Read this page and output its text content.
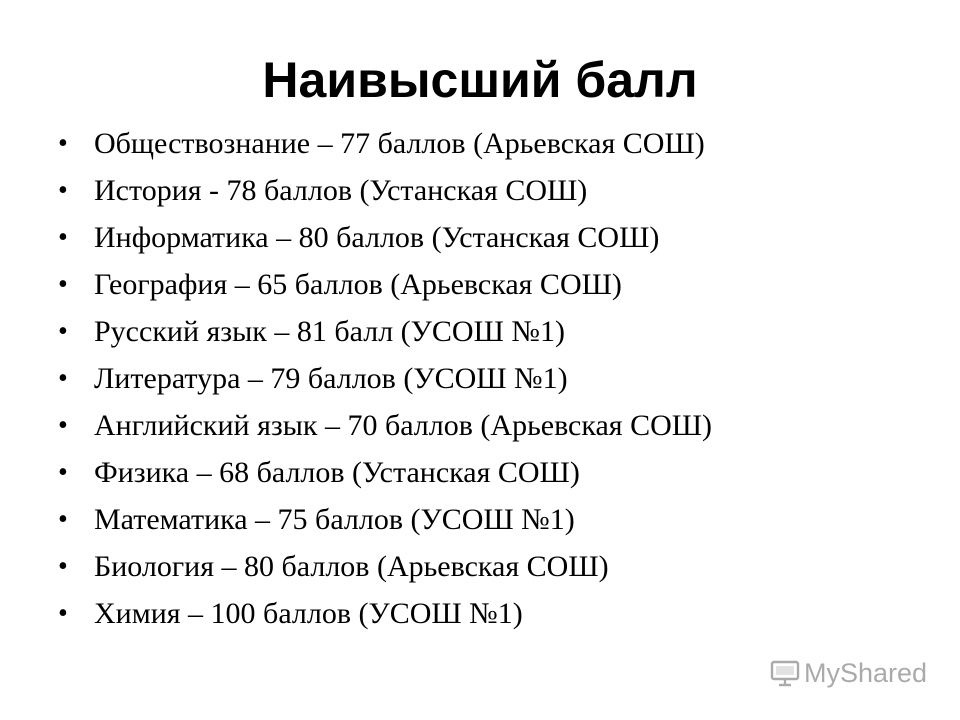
Наивысший балл
• Обществознание – 77 баллов (Арьевская СОШ)
• История - 78 баллов (Устанская СОШ)
• Информатика – 80 баллов (Устанская СОШ)
• География – 65 баллов (Арьевская СОШ)
• Русский язык – 81 балл (УСОШ №1)
• Литература – 79 баллов (УСОШ №1)
• Английский язык – 70 баллов (Арьевская СОШ)
• Физика – 68 баллов (Устанская СОШ)
• Математика – 75 баллов (УСОШ №1)
• Биология – 80 баллов (Арьевская СОШ)
• Химия – 100 баллов (УСОШ №1)
MyShared
